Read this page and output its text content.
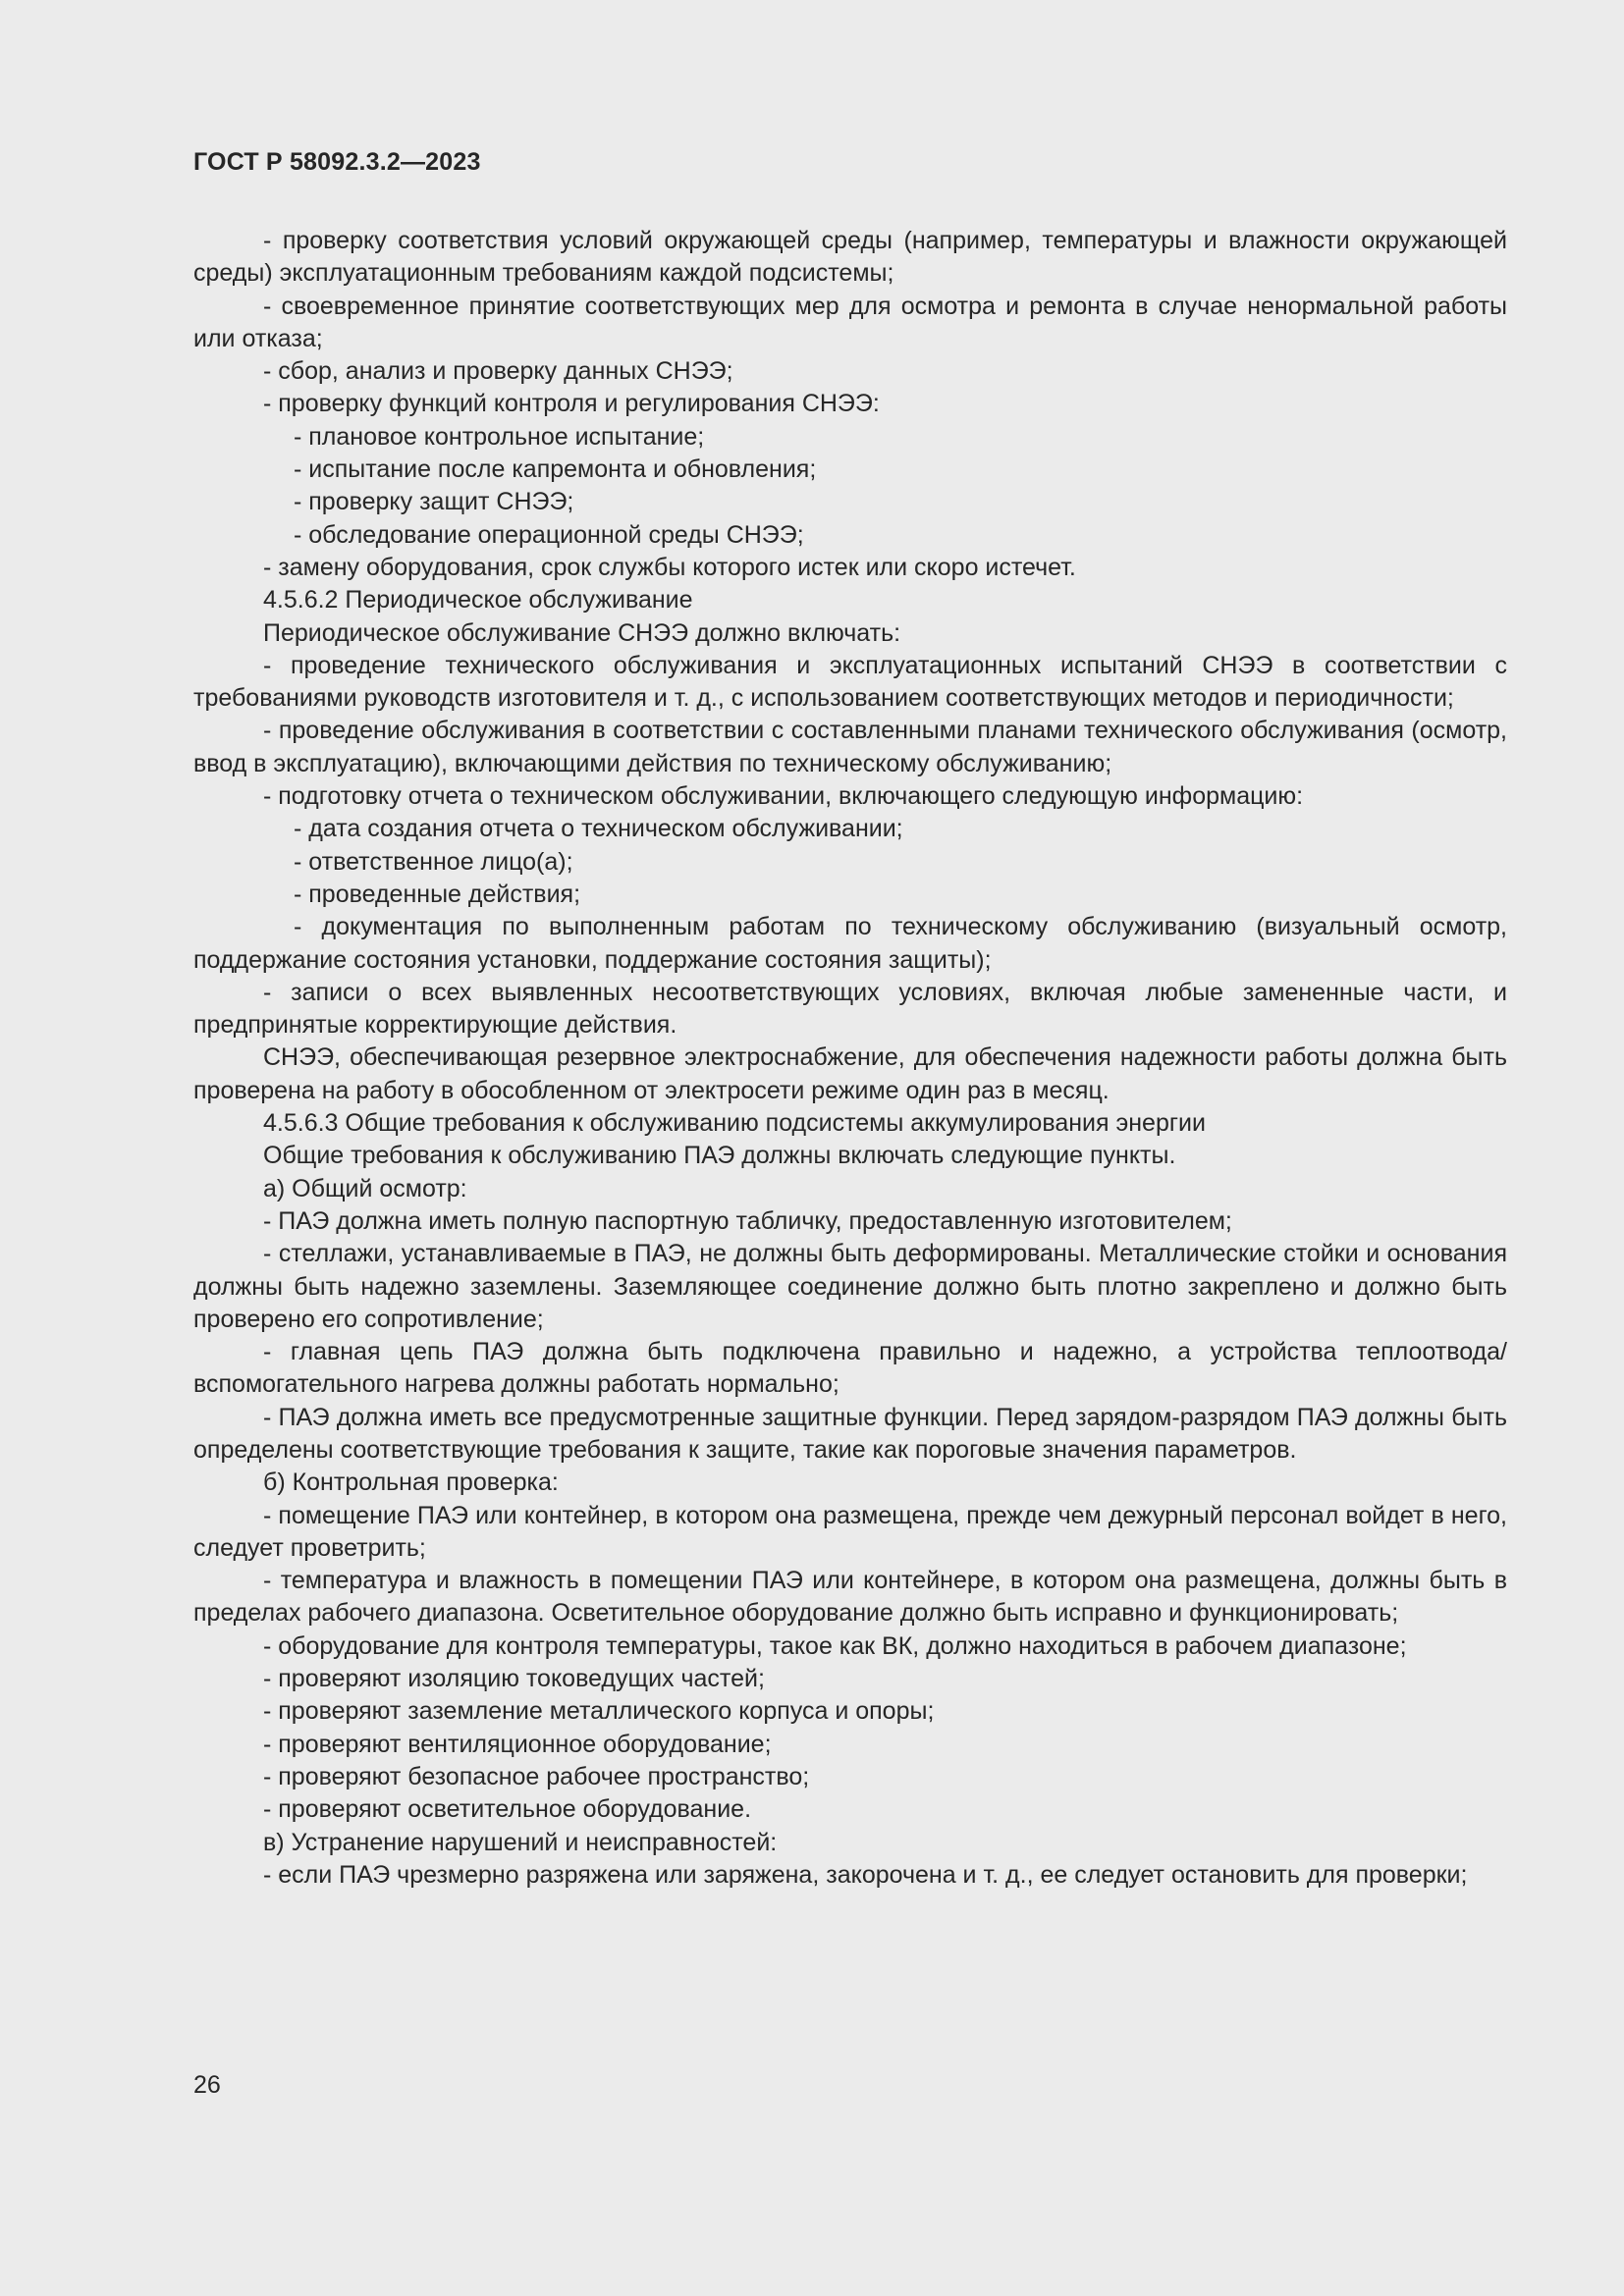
ГОСТ Р 58092.3.2—2023

- проверку соответствия условий окружающей среды (например, температуры и влажности окружающей среды) эксплуатационным требованиям каждой подсистемы;

- своевременное принятие соответствующих мер для осмотра и ремонта в случае ненормальной работы или отказа;

- сбор, анализ и проверку данных СНЭЭ;

- проверку функций контроля и регулирования СНЭЭ:

- плановое контрольное испытание;

- испытание после капремонта и обновления;

- проверку защит СНЭЭ;

- обследование операционной среды СНЭЭ;

- замену оборудования, срок службы которого истек или скоро истечет.

4.5.6.2 Периодическое обслуживание

Периодическое обслуживание СНЭЭ должно включать:

- проведение технического обслуживания и эксплуатационных испытаний СНЭЭ в соответствии с требованиями руководств изготовителя и т. д., с использованием соответствующих методов и периодичности;

- проведение обслуживания в соответствии с составленными планами технического обслуживания (осмотр, ввод в эксплуатацию), включающими действия по техническому обслуживанию;

- подготовку отчета о техническом обслуживании, включающего следующую информацию:

- дата создания отчета о техническом обслуживании;

- ответственное лицо(а);

- проведенные действия;

- документация по выполненным работам по техническому обслуживанию (визуальный осмотр, поддержание состояния установки, поддержание состояния защиты);

- записи о всех выявленных несоответствующих условиях, включая любые замененные части, и предпринятые корректирующие действия.

СНЭЭ, обеспечивающая резервное электроснабжение, для обеспечения надежности работы должна быть проверена на работу в обособленном от электросети режиме один раз в месяц.

4.5.6.3 Общие требования к обслуживанию подсистемы аккумулирования энергии

Общие требования к обслуживанию ПАЭ должны включать следующие пункты.

а) Общий осмотр:

- ПАЭ должна иметь полную паспортную табличку, предоставленную изготовителем;

- стеллажи, устанавливаемые в ПАЭ, не должны быть деформированы. Металлические стойки и основания должны быть надежно заземлены. Заземляющее соединение должно быть плотно закреплено и должно быть проверено его сопротивление;

- главная цепь ПАЭ должна быть подключена правильно и надежно, а устройства теплоотвода/вспомогательного нагрева должны работать нормально;

- ПАЭ должна иметь все предусмотренные защитные функции. Перед зарядом-разрядом ПАЭ должны быть определены соответствующие требования к защите, такие как пороговые значения параметров.

б) Контрольная проверка:

- помещение ПАЭ или контейнер, в котором она размещена, прежде чем дежурный персонал войдет в него, следует проветрить;

- температура и влажность в помещении ПАЭ или контейнере, в котором она размещена, должны быть в пределах рабочего диапазона. Осветительное оборудование должно быть исправно и функционировать;

- оборудование для контроля температуры, такое как ВК, должно находиться в рабочем диапазоне;

- проверяют изоляцию токоведущих частей;

- проверяют заземление металлического корпуса и опоры;

- проверяют вентиляционное оборудование;

- проверяют безопасное рабочее пространство;

- проверяют осветительное оборудование.

в) Устранение нарушений и неисправностей:

- если ПАЭ чрезмерно разряжена или заряжена, закорочена и т. д., ее следует остановить для проверки;

26
